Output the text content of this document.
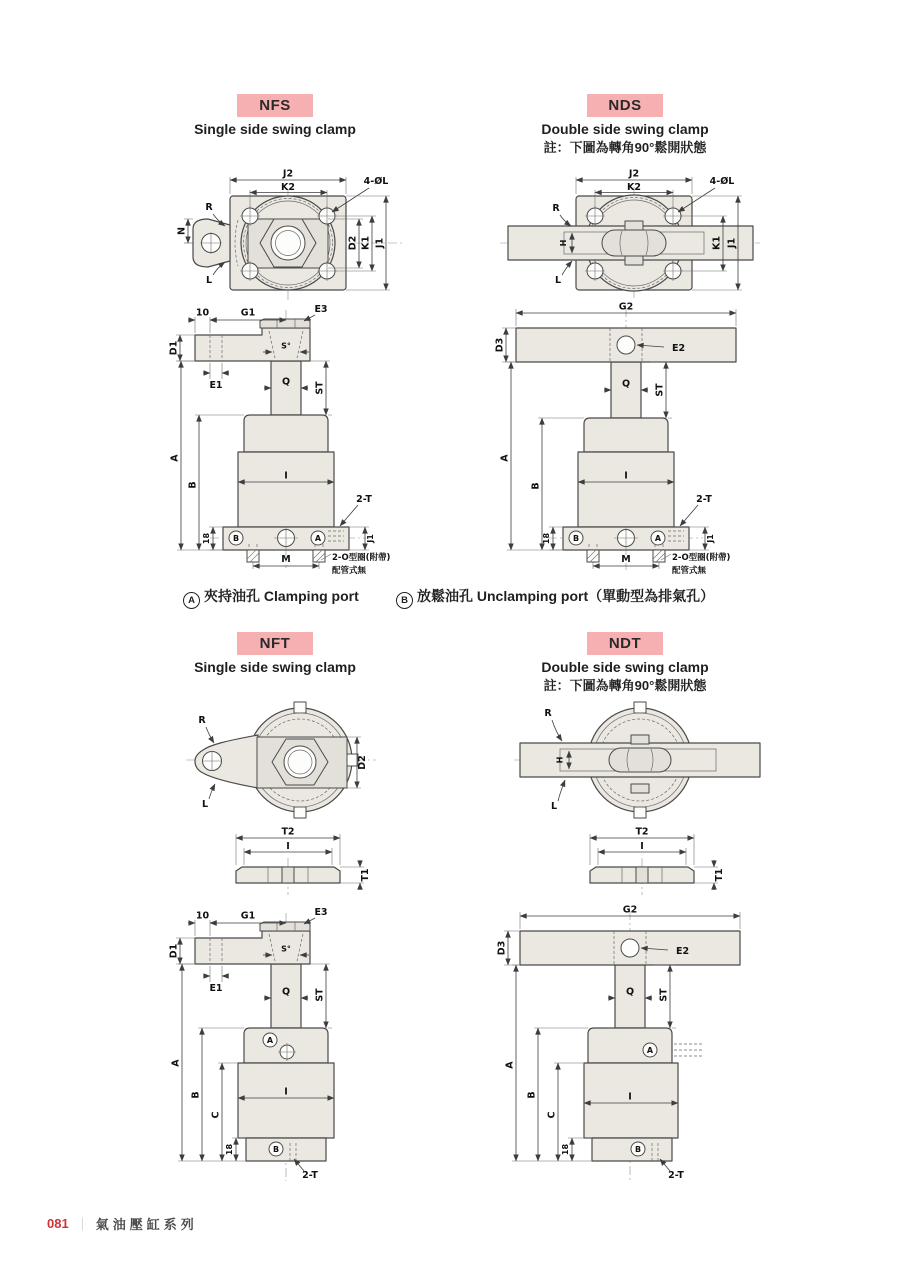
NFS
Single side swing clamp
NDS
Double side swing clamp
註：下圖為轉角90°鬆開狀態
NFT
Single side swing clamp
NDT
Double side swing clamp
註：下圖為轉角90°鬆開狀態
J2
K2
4-ØL
R
N
L
D2 K1 J1	H
J2
K2
4-ØL
R
L
K1 J1
S°
10	G1	E3
D1
E1	Q	ST
I
B	A
M
18
B
A
2-T
J1
2-O型圈(附帶)
配管式無
E2
G2
D3
Q	ST
I
B	A
M
18
B
A
2-T
J1
2-O型圈(附帶)
配管式無
A 夾持油孔 Clamping port	B 放鬆油孔 Unclamping port（單動型為排氣孔）
R
L
D2	H
R
L
T2
I
T1
T2
I
T1
S°
10	G1	E3
D1
E1	Q	ST
A
I
B
2-T
A
B
C
18
E2
G2
D3
Q	ST
A
I
B
2-T
A
B
C
18
081 ｜ 氣油壓缸系列
